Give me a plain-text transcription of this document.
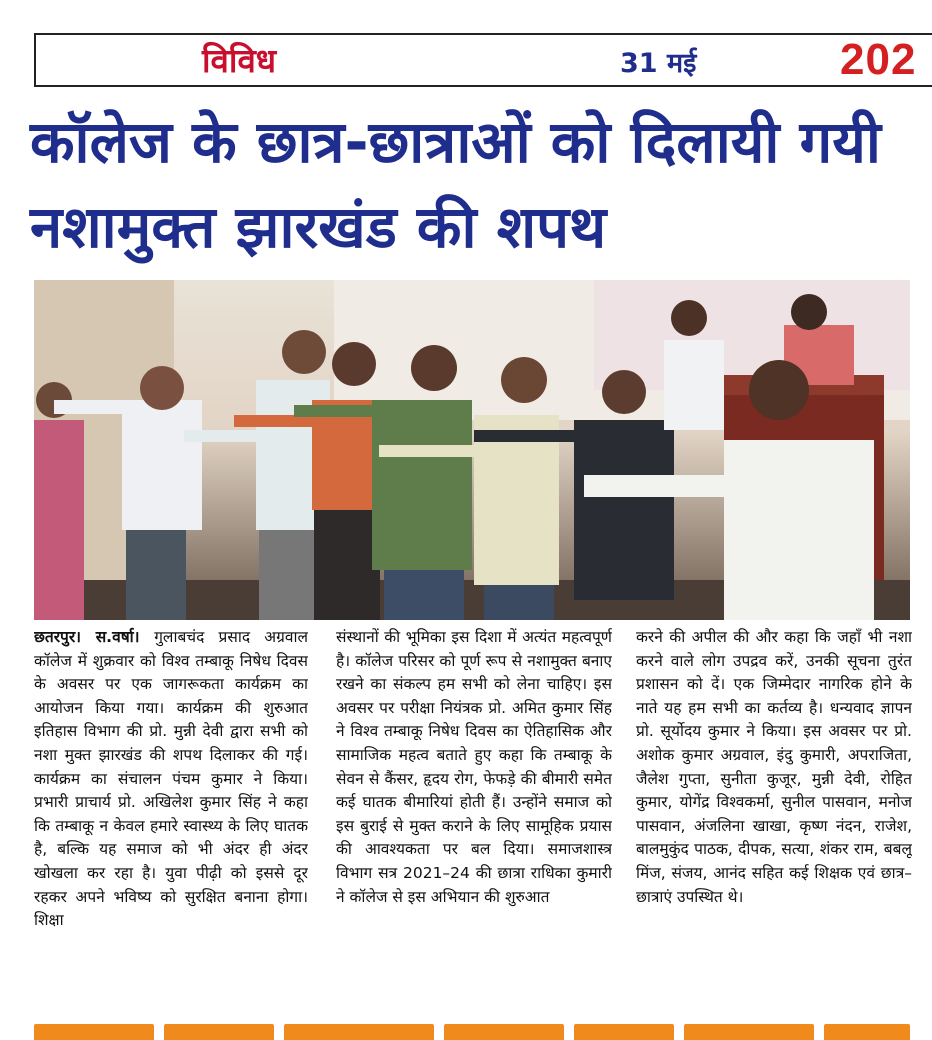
विविध	31 मई	202
कॉलेज के छात्र-छात्राओं को दिलायी गयी नशामुक्त झारखंड की शपथ
छतरपुर। स.वर्षा। गुलाबचंद प्रसाद अग्रवाल कॉलेज में शुक्रवार को विश्व तम्बाकू निषेध दिवस के अवसर पर एक जागरूकता कार्यक्रम का आयोजन किया गया। कार्यक्रम की शुरुआत इतिहास विभाग की प्रो. मुन्नी देवी द्वारा सभी को नशा मुक्त झारखंड की शपथ दिलाकर की गई। कार्यक्रम का संचालन पंचम कुमार ने किया। प्रभारी प्राचार्य प्रो. अखिलेश कुमार सिंह ने कहा कि तम्बाकू न केवल हमारे स्वास्थ्य के लिए घातक है, बल्कि यह समाज को भी अंदर ही अंदर खोखला कर रहा है। युवा पीढ़ी को इससे दूर रहकर अपने भविष्य को सुरक्षित बनाना होगा। शिक्षा
संस्थानों की भूमिका इस दिशा में अत्यंत महत्वपूर्ण है। कॉलेज परिसर को पूर्ण रूप से नशामुक्त बनाए रखने का संकल्प हम सभी को लेना चाहिए। इस अवसर पर परीक्षा नियंत्रक प्रो. अमित कुमार सिंह ने विश्व तम्बाकू निषेध दिवस का ऐतिहासिक और सामाजिक महत्व बताते हुए कहा कि तम्बाकू के सेवन से कैंसर, हृदय रोग, फेफड़े की बीमारी समेत कई घातक बीमारियां होती हैं। उन्होंने समाज को इस बुराई से मुक्त कराने के लिए सामूहिक प्रयास की आवश्यकता पर बल दिया। समाजशास्त्र विभाग सत्र 2021–24 की छात्रा राधिका कुमारी ने कॉलेज से इस अभियान की शुरुआत
करने की अपील की और कहा कि जहाँ भी नशा करने वाले लोग उपद्रव करें, उनकी सूचना तुरंत प्रशासन को दें। एक जिम्मेदार नागरिक होने के नाते यह हम सभी का कर्तव्य है। धन्यवाद ज्ञापन प्रो. सूर्योदय कुमार ने किया। इस अवसर पर प्रो. अशोक कुमार अग्रवाल, इंदु कुमारी, अपराजिता, जैलेश गुप्ता, सुनीता कुजूर, मुन्नी देवी, रोहित कुमार, योगेंद्र विश्वकर्मा, सुनील पासवान, मनोज पासवान, अंजलिना खाखा, कृष्ण नंदन, राजेश, बालमुकुंद पाठक, दीपक, सत्या, शंकर राम, बबलू मिंज, संजय, आनंद सहित कई शिक्षक एवं छात्र–छात्राएं उपस्थित थे।
